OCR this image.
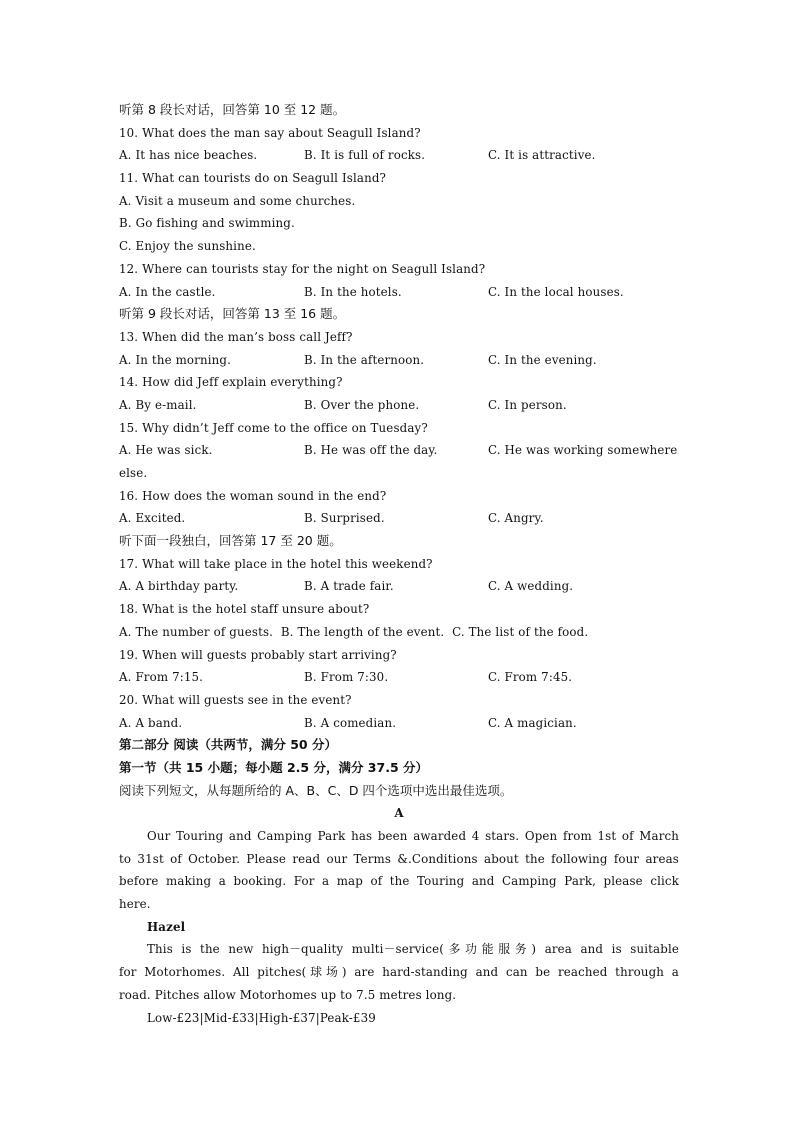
听第 8 段长对话，回答第 10 至 12 题。
10. What does the man say about Seagull Island?
A. It has nice beaches.	B. It is full of rocks.	C. It is attractive.
11. What can tourists do on Seagull Island?
A. Visit a museum and some churches.
B. Go fishing and swimming.
C. Enjoy the sunshine.
12. Where can tourists stay for the night on Seagull Island?
A. In the castle.	B. In the hotels.	C. In the local houses.
听第 9 段长对话，回答第 13 至 16 题。
13. When did the man’s boss call Jeff?
A. In the morning.	B. In the afternoon.	C. In the evening.
14. How did Jeff explain everything?
A. By e-mail.	B. Over the phone.	C. In person.
15. Why didn’t Jeff come to the office on Tuesday?
A. He was sick.	B. He was off the day.	C. He was working somewhere
else.
16. How does the woman sound in the end?
A. Excited.	B. Surprised.	C. Angry.
听下面一段独白，回答第 17 至 20 题。
17. What will take place in the hotel this weekend?
A. A birthday party.	B. A trade fair.	C. A wedding.
18. What is the hotel staff unsure about?
A. The number of guests.  B. The length of the event.  C. The list of the food.
19. When will guests probably start arriving?
A. From 7:15.	B. From 7:30.	C. From 7:45.
20. What will guests see in the event?
A. A band.	B. A comedian.	C. A magician.
第二部分 阅读（共两节，满分 50 分）
第一节（共 15 小题；每小题 2.5 分，满分 37.5 分）
阅读下列短文，从每题所给的 A、B、C、D 四个选项中选出最佳选项。
A
Our Touring and Camping Park has been awarded 4 stars. Open from 1st of March
to 31st of October. Please read our Terms &.Conditions about the following four areas
before making a booking. For a map of the Touring and Camping Park, please click
here.
Hazel
This is the new high－quality multi－service(多功能服务) area and is suitable
for Motorhomes. All pitches(球场) are hard-standing and can be reached through a
road. Pitches allow Motorhomes up to 7.5 metres long.
Low-£23|Mid-£33|High-£37|Peak-£39
